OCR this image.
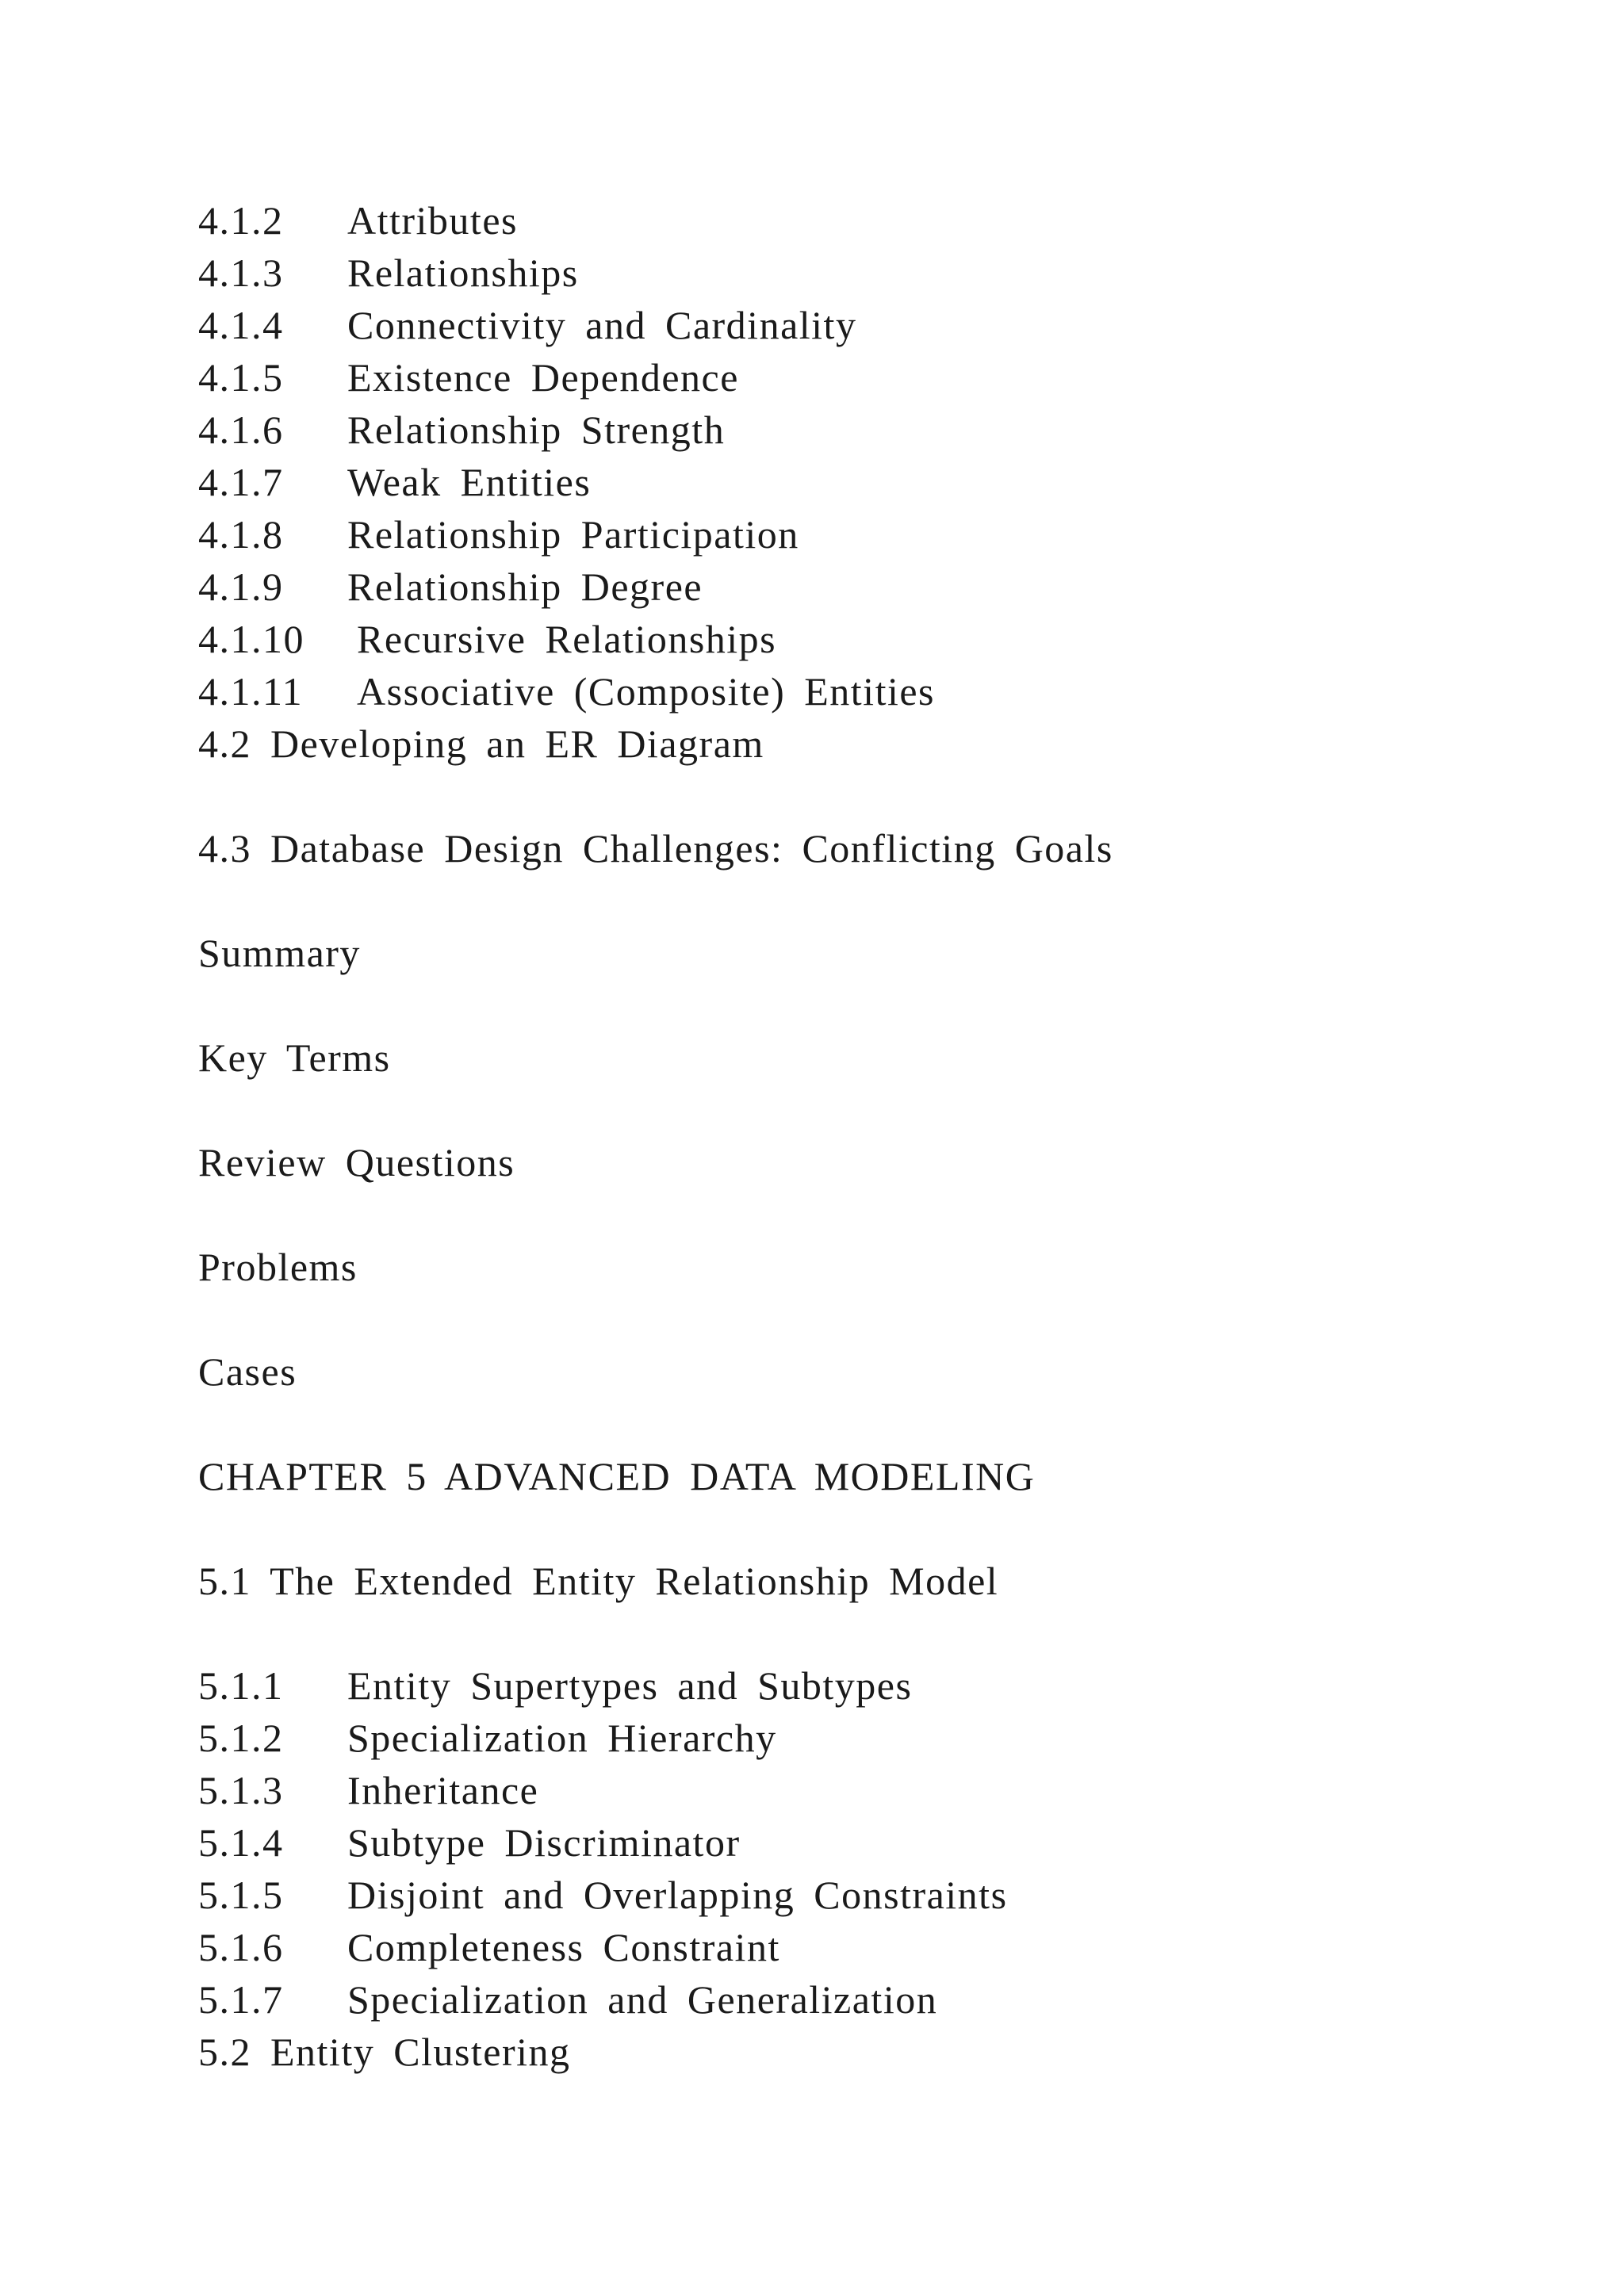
4.1.2 Attributes
4.1.3 Relationships
4.1.4 Connectivity and Cardinality
4.1.5 Existence Dependence
4.1.6 Relationship Strength
4.1.7 Weak Entities
4.1.8 Relationship Participation
4.1.9 Relationship Degree
4.1.10 Recursive Relationships
4.1.11 Associative (Composite) Entities
4.2 Developing an ER Diagram
4.3 Database Design Challenges: Conflicting Goals
Summary
Key Terms
Review Questions
Problems
Cases
CHAPTER 5 ADVANCED DATA MODELING
5.1 The Extended Entity Relationship Model
5.1.1 Entity Supertypes and Subtypes
5.1.2 Specialization Hierarchy
5.1.3 Inheritance
5.1.4 Subtype Discriminator
5.1.5 Disjoint and Overlapping Constraints
5.1.6 Completeness Constraint
5.1.7 Specialization and Generalization
5.2 Entity Clustering
